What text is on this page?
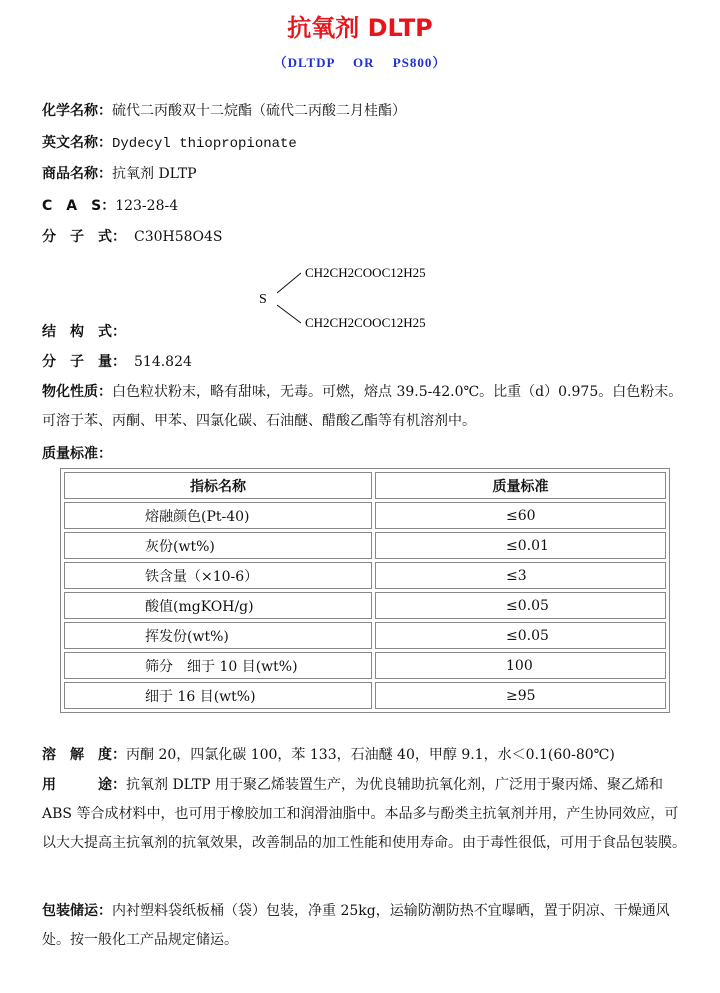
抗氧剂 DLTP
（DLTDP　 OR　 PS800）
化学名称：硫代二丙酸双十二烷酯（硫代二丙酸二月桂酯）
英文名称：Dydecyl thiopropionate
商品名称：抗氧剂 DLTP
C　A　S：123-28-4
分　子　式： C30H58O4S
S
CH2CH2COOC12H25
CH2CH2COOC12H25
结　构　式：
分　子　量： 514.824
物化性质：白色粒状粉末，略有甜味，无毒。可燃，熔点 39.5-42.0℃。比重（d）0.975。白色粉末。可溶于苯、丙酮、甲苯、四氯化碳、石油醚、醋酸乙酯等有机溶剂中。
质量标准：
指标名称	质量标准
熔融颜色(Pt-40)	≤60
灰份(wt%)	≤0.01
铁含量（×10-6）	≤3
酸值(mgKOH/g)	≤0.05
挥发份(wt%)	≤0.05
筛分　细于 10 目(wt%)	100
细于 16 目(wt%)	≥95
溶　解　度：丙酮 20，四氯化碳 100，苯 133，石油醚 40，甲醇 9.1，水＜0.1(60-80℃)
用　　　途：抗氧剂 DLTP 用于聚乙烯装置生产，为优良辅助抗氧化剂，广泛用于聚丙烯、聚乙烯和 ABS 等合成材料中，也可用于橡胶加工和润滑油脂中。本品多与酚类主抗氧剂并用，产生协同效应，可以大大提高主抗氧剂的抗氧效果，改善制品的加工性能和使用寿命。由于毒性很低，可用于食品包装膜。
包装储运：内衬塑料袋纸板桶（袋）包装，净重 25kg，运输防潮防热不宜曝晒，置于阴凉、干燥通风处。按一般化工产品规定储运。
